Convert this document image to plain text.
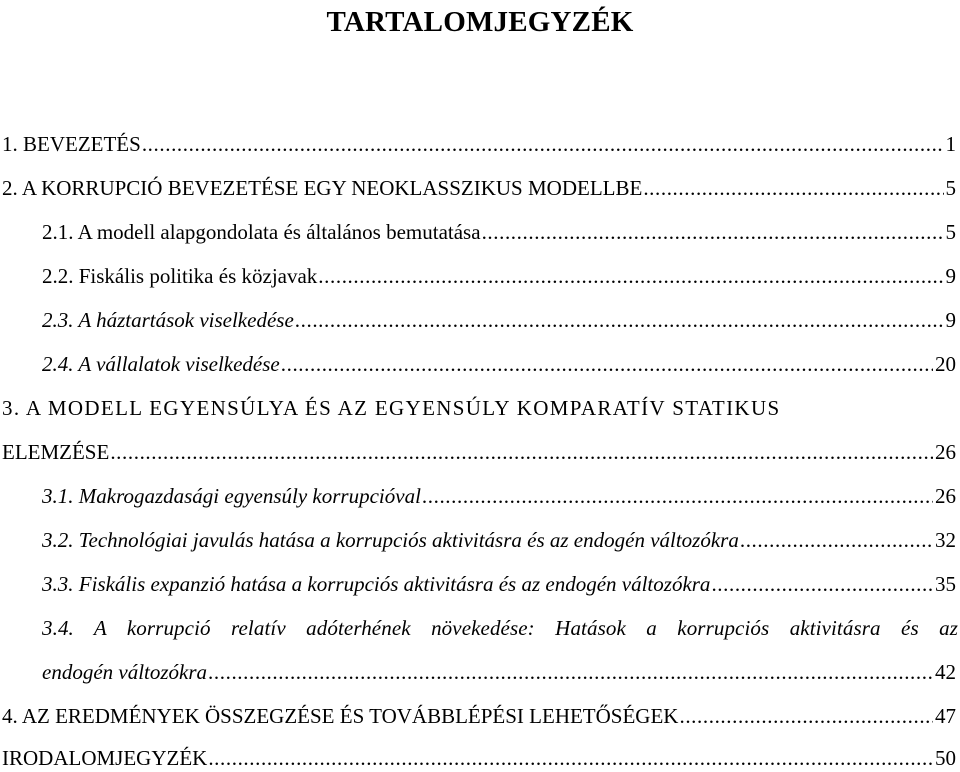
TARTALOMJEGYZÉK
1. BEVEZETÉS .....	1
2. A KORRUPCIÓ BEVEZETÉSE EGY NEOKLASSZIKUS MODELLBE .....	5
2.1. A modell alapgondolata és általános bemutatása .....	5
2.2. Fiskális politika és közjavak .....	9
2.3. A háztartások viselkedése .....	9
2.4. A vállalatok viselkedése .....	20
3. A MODELL EGYENSÚLYA ÉS AZ EGYENSÚLY KOMPARATÍV STATIKUS
ELEMZÉSE .....	26
3.1. Makrogazdasági egyensúly korrupcióval .....	26
3.2. Technológiai javulás hatása a korrupciós aktivitásra és az endogén változókra .....	32
3.3. Fiskális expanzió hatása a korrupciós aktivitásra és az endogén változókra .....	35
3.4. A korrupció relatív adóterhének növekedése: Hatások a korrupciós aktivitásra és az
endogén változókra .....	42
4. AZ EREDMÉNYEK ÖSSZEGZÉSE ÉS TOVÁBBLÉPÉSI LEHETŐSÉGEK .....	47
IRODALOMJEGYZÉK .....	50
